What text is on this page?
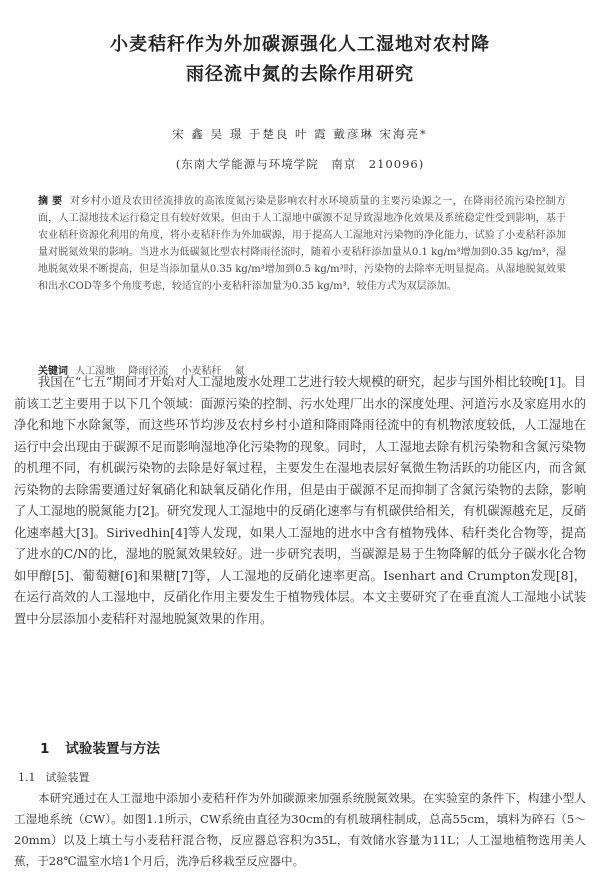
小麦秸秆作为外加碳源强化人工湿地对农村降
雨径流中氮的去除作用研究
宋 鑫 吴 璟 于楚良 叶 霞 戴彦琳 宋海亮*
(东南大学能源与环境学院　南京　210096)
摘 要 对乡村小道及农田径流排放的高浓度氮污染是影响农村水环境质量的主要污染源之一，在降雨径流污染控制方面，人工湿地技术运行稳定且有较好效果。但由于人工湿地中碳源不足导致湿地净化效果及系统稳定性受到影响，基于农业秸秆资源化利用的角度，将小麦秸秆作为外加碳源，用于提高人工湿地对污染物的净化能力，试验了小麦秸秆添加量对脱氮效果的影响。当进水为低碳氮比型农村降雨径流时，随着小麦秸秆添加量从0.1 kg/m³增加到0.35 kg/m³，湿地脱氮效果不断提高，但是当添加量从0.35 kg/m³增加到0.5 kg/m³时，污染物的去除率无明显提高。从湿地脱氮效果和出水COD等多个角度考虑，较适宜的小麦秸秆添加量为0.35 kg/m³，较佳方式为双层添加。
关键词 人工湿地 降雨径流 小麦秸秆 氮
我国在“七五”期间才开始对人工湿地废水处理工艺进行较大规模的研究，起步与国外相比较晚[1]。目前该工艺主要用于以下几个领域：面源污染的控制、污水处理厂出水的深度处理、河道污水及家庭用水的净化和地下水除氮等，而这些环节均涉及农村乡村小道和降雨降雨径流中的有机物浓度较低，人工湿地在运行中会出现由于碳源不足而影响湿地净化污染物的现象。同时，人工湿地去除有机污染物和含氮污染物的机理不同，有机碳污染物的去除是好氧过程，主要发生在湿地表层好氧微生物活跃的功能区内，而含氮污染物的去除需要通过好氧硝化和缺氧反硝化作用，但是由于碳源不足而抑制了含氮污染物的去除，影响了人工湿地的脱氮能力[2]。研究发现人工湿地中的反硝化速率与有机碳供给相关，有机碳源越充足，反硝化速率越大[3]。Sirivedhin[4]等人发现，如果人工湿地的进水中含有植物残体、秸秆类化合物等，提高了进水的C/N的比，湿地的脱氮效果较好。进一步研究表明，当碳源是易于生物降解的低分子碳水化合物如甲醇[5]、葡萄糖[6]和果糖[7]等，人工湿地的反硝化速率更高。Isenhart and Crumpton发现[8]，在运行高效的人工湿地中，反硝化作用主要发生于植物残体层。本文主要研究了在垂直流人工湿地小试装置中分层添加小麦秸秆对湿地脱氮效果的作用。
1 试验装置与方法
1.1 试验装置
本研究通过在人工湿地中添加小麦秸秆作为外加碳源来加强系统脱氮效果。在实验室的条件下，构建小型人工湿地系统（CW）。如图1.1所示，CW系统由直径为30cm的有机玻璃柱制成，总高55cm，填料为碎石（5～20mm）以及上填土与小麦秸秆混合物，反应器总容积为35L，有效储水容量为11L；人工湿地植物选用美人蕉，于28℃温室水培1个月后，洗净后移栽至反应器中。
